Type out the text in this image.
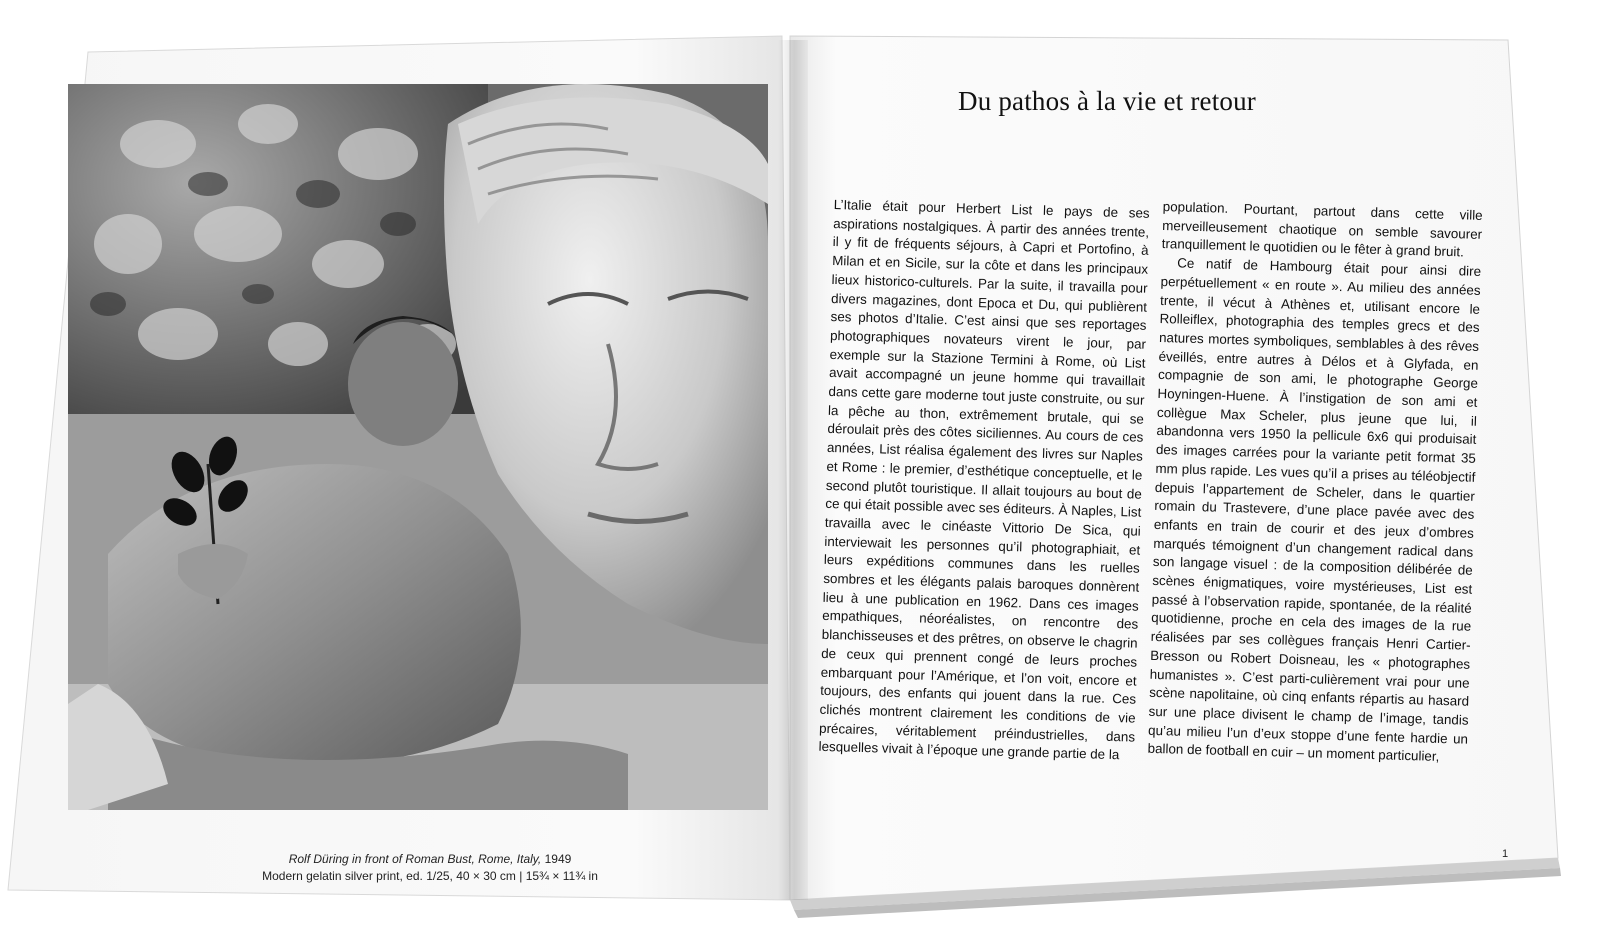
Rolf Düring in front of Roman Bust, Rome, Italy, 1949
Modern gelatin silver print, ed. 1/25, 40 × 30 cm | 15¾ × 11¾ in
Du pathos à la vie et retour

L’Italie était pour Herbert List le pays de ses aspirations nostalgiques. À partir des années trente, il y fit de fréquents séjours, à Capri et Portofino, à Milan et en Sicile, sur la côte et dans les principaux lieux historico-culturels. Par la suite, il travailla pour divers magazines, dont Epoca et Du, qui publièrent ses photos d’Italie. C’est ainsi que ses reportages photographiques novateurs virent le jour, par exemple sur la Stazione Termini à Rome, où List avait accompagné un jeune homme qui travaillait dans cette gare moderne tout juste construite, ou sur la pêche au thon, extrêmement brutale, qui se déroulait près des côtes siciliennes. Au cours de ces années, List réalisa également des livres sur Naples et Rome : le premier, d’esthétique conceptuelle, et le second plutôt touristique. Il allait toujours au bout de ce qui était possible avec ses éditeurs. À Naples, List travailla avec le cinéaste Vittorio De Sica, qui interviewait les personnes qu’il photographiait, et leurs expéditions communes dans les ruelles sombres et les élégants palais baroques donnèrent lieu à une publication en 1962. Dans ces images empathiques, néoréalistes, on rencontre des blanchisseuses et des prêtres, on observe le chagrin de ceux qui prennent congé de leurs proches embarquant pour l’Amérique, et l’on voit, encore et toujours, des enfants qui jouent dans la rue. Ces clichés montrent clairement les conditions de vie précaires, véritablement préindustrielles, dans lesquelles vivait à l’époque une grande partie de la

population. Pourtant, partout dans cette ville merveilleusement chaotique on semble savourer tranquillement le quotidien ou le fêter à grand bruit.

Ce natif de Hambourg était pour ainsi dire perpétuellement « en route ». Au milieu des années trente, il vécut à Athènes et, utilisant encore le Rolleiflex, photographia des temples grecs et des natures mortes symboliques, semblables à des rêves éveillés, entre autres à Délos et à Glyfada, en compagnie de son ami, le photographe George Hoyningen-Huene. À l’instigation de son ami et collègue Max Scheler, plus jeune que lui, il abandonna vers 1950 la pellicule 6x6 qui produisait des images carrées pour la variante petit format 35 mm plus rapide. Les vues qu’il a prises au téléobjectif depuis l’appartement de Scheler, dans le quartier romain du Trastevere, d’une place pavée avec des enfants en train de courir et des jeux d’ombres marqués témoignent d’un changement radical dans son langage visuel : de la composition délibérée de scènes énigmatiques, voire mystérieuses, List est passé à l’observation rapide, spontanée, de la réalité quotidienne, proche en cela des images de la rue réalisées par ses collègues français Henri Cartier-Bresson ou Robert Doisneau, les « photographes humanistes ». C’est parti-culièrement vrai pour une scène napolitaine, où cinq enfants répartis au hasard sur une place divisent le champ de l’image, tandis qu’au milieu l’un d’eux stoppe d’une fente hardie un ballon de football en cuir – un moment particulier,

1
